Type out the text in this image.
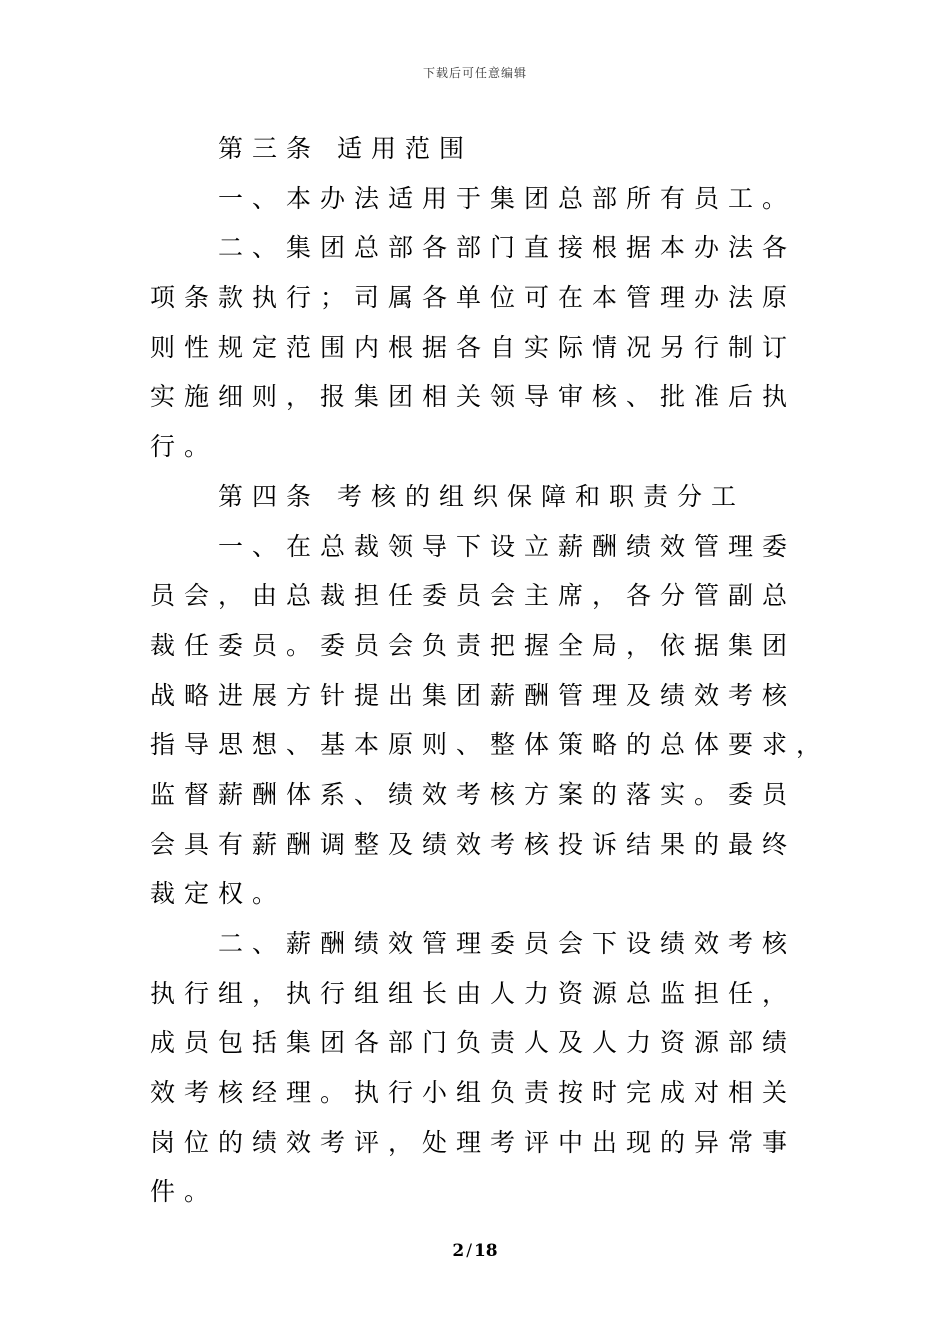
下载后可任意编辑
第三条 适用范围
一、本办法适用于集团总部所有员工。
二、集团总部各部门直接根据本办法各
项条款执行；司属各单位可在本管理办法原
则性规定范围内根据各自实际情况另行制订
实施细则，报集团相关领导审核、批准后执
行。
第四条 考核的组织保障和职责分工
一、在总裁领导下设立薪酬绩效管理委
员会，由总裁担任委员会主席，各分管副总
裁任委员。委员会负责把握全局，依据集团
战略进展方针提出集团薪酬管理及绩效考核
指导思想、基本原则、整体策略的总体要求，
监督薪酬体系、绩效考核方案的落实。委员
会具有薪酬调整及绩效考核投诉结果的最终
裁定权。
二、薪酬绩效管理委员会下设绩效考核
执行组，执行组组长由人力资源总监担任，
成员包括集团各部门负责人及人力资源部绩
效考核经理。执行小组负责按时完成对相关
岗位的绩效考评，处理考评中出现的异常事
件。
2 / 18
